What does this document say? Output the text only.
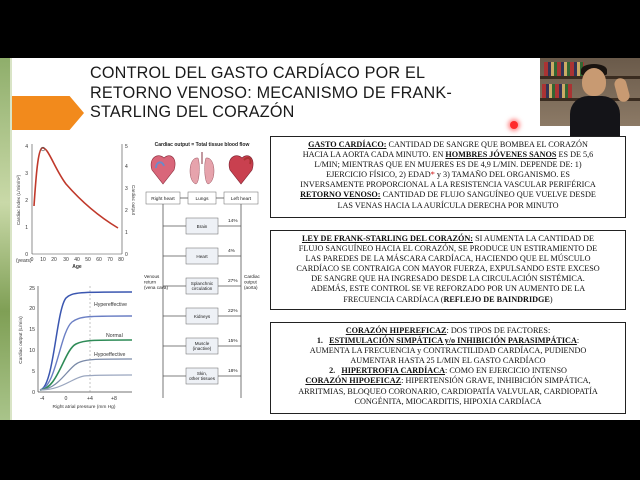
CONTROL DEL GASTO CARDÍACO POR EL
RETORNO VENOSO: MECANISMO DE FRANK-
STARLING DEL CORAZÓN
0
1
2
3
4
0
1
2
3
4
5
0 10 20 30 40 50 60 70 80
(years)
Age
Cardiac index (L/min/m²)	Cardiac output
Hypereffective
Normal
Hypoeffective
0
5
10
15
20
25
-4	0	+4	+8
Right atrial pressure (mm Hg)
Cardiac output (L/min)
Cardiac output = Total tissue blood flow
Right heart	Lungs	Left heart
Venous return (vena cava)
Cardiac output (aorta)
Brain
14%
Heart
4%
Splanchnic circulation
27%
Kidneys
22%
Muscle (inactive)
15%
Skin, other tissues
18%
GASTO CARDÍACO: CANTIDAD DE SANGRE QUE BOMBEA EL CORAZÓN
HACIA LA AORTA CADA MINUTO. EN HOMBRES JÓVENES SANOS ES DE 5,6
L/MIN; MIENTRAS QUE EN MUJERES ES DE 4,9 L/MIN. DEPENDE DE: 1)
EJERCICIO FÍSICO, 2) EDAD* y 3) TAMAÑO DEL ORGANISMO. ES
INVERSAMENTE PROPORCIONAL A LA RESISTENCIA VASCULAR PERIFÉRICA
RETORNO VENOSO: CANTIDAD DE FLUJO SANGUÍNEO QUE VUELVE DESDE
LAS VENAS HACIA LA AURÍCULA DERECHA POR MINUTO
LEY DE FRANK-STARLING DEL CORAZÓN: SI AUMENTA LA CANTIDAD DE
FLUJO SANGUÍNEO HACIA EL CORAZÓN, SE PRODUCE UN ESTIRAMIENTO DE
LAS PAREDES DE LA MÁSCARA CARDÍACA, HACIENDO QUE EL MÚSCULO
CARDÍACO SE CONTRAIGA CON MAYOR FUERZA, EXPULSANDO ESTE EXCESO
DE SANGRE QUE HA INGRESADO DESDE LA CIRCULACIÓN SISTÉMICA.
ADEMÁS, ESTE CONTROL SE VE REFORZADO POR UN AUMENTO DE LA
FRECUENCIA CARDÍACA (REFLEJO DE BAINDRIDGE)
CORAZÓN HIPEREFICAZ: DOS TIPOS DE FACTORES:
1. ESTIMULACIÓN SIMPÁTICA y/o INHIBICIÓN PARASIMPÁTICA:
AUMENTA LA FRECUENCIA y CONTRACTILIDAD CARDÍACA, PUDIENDO
AUMENTAR HASTA 25 L/MIN EL GASTO CARDÍACO
2. HIPERTROFIA CARDÍACA: COMO EN EJERCICIO INTENSO
CORAZÓN HIPOEFICAZ: HIPERTENSIÓN GRAVE, INHIBICIÓN SIMPÁTICA,
ARRITMIAS, BLOQUEO CORONARIO, CARDIOPATÍA VALVULAR, CARDIOPATÍA
CONGÉNITA, MIOCARDITIS, HIPOXIA CARDÍACA
